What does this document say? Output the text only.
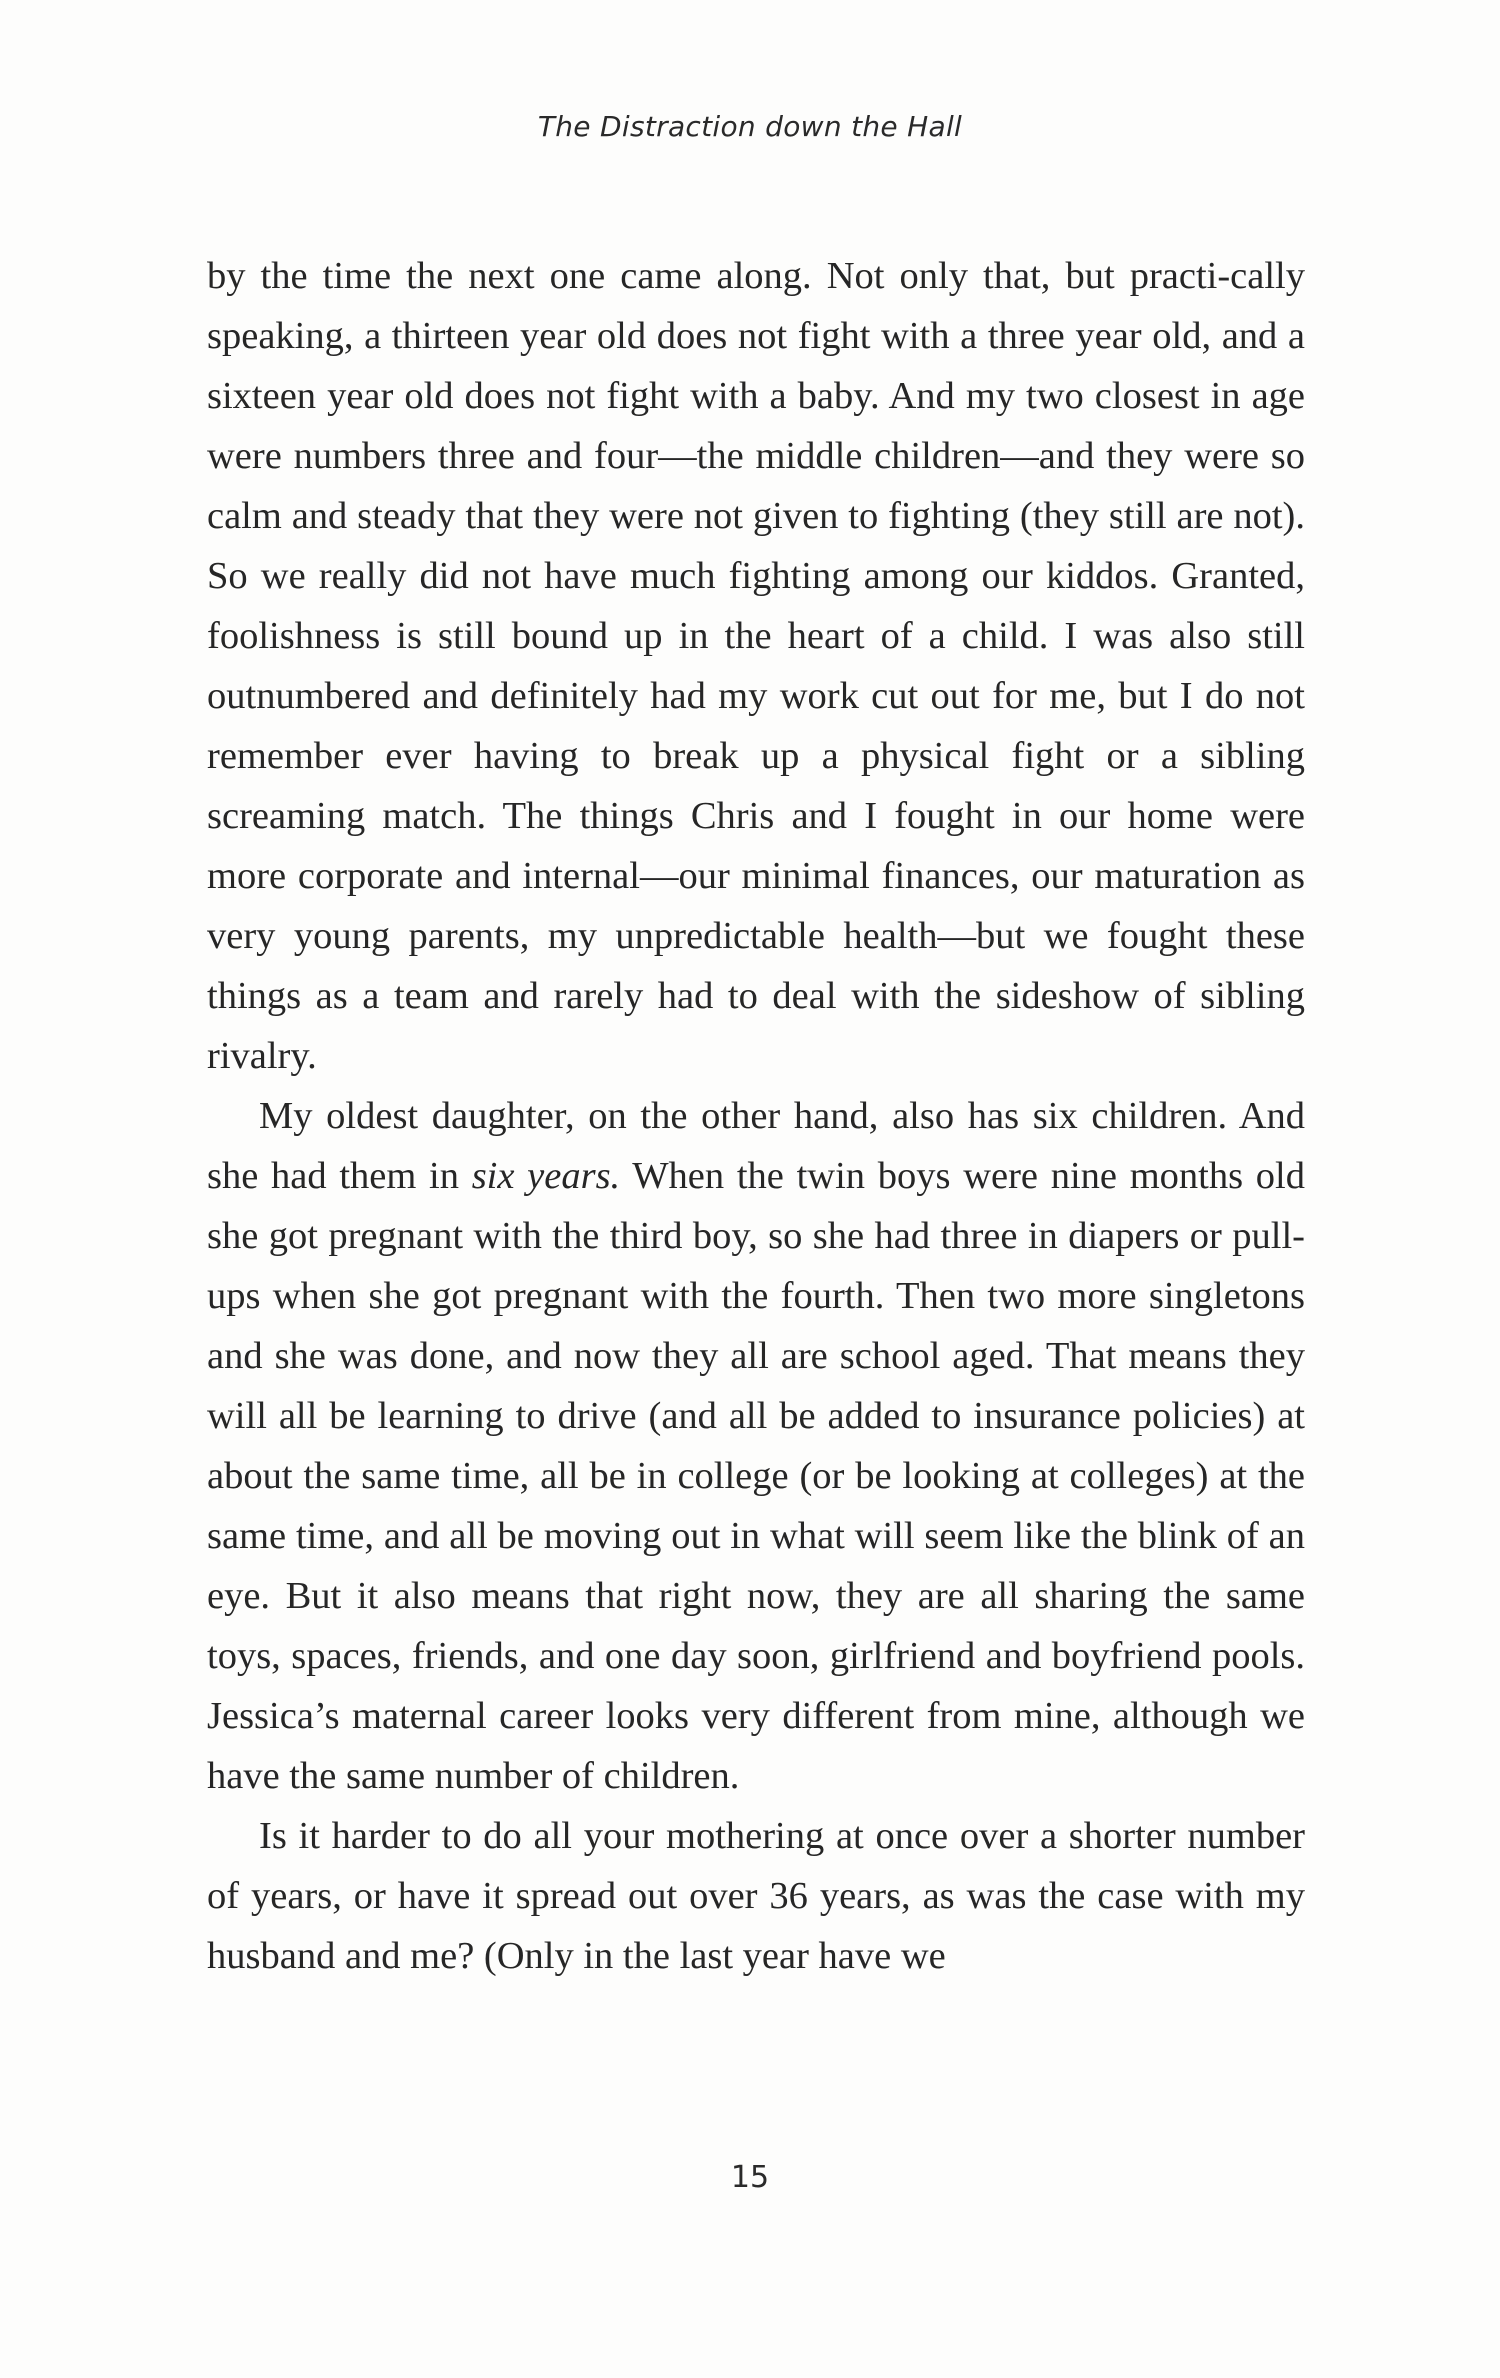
The Distraction down the Hall

by the time the next one came along. Not only that, but practi-cally speaking, a thirteen year old does not fight with a three year old, and a sixteen year old does not fight with a baby. And my two closest in age were numbers three and four—the middle children—and they were so calm and steady that they were not given to fighting (they still are not). So we really did not have much fighting among our kiddos. Granted, foolishness is still bound up in the heart of a child. I was also still outnumbered and definitely had my work cut out for me, but I do not remember ever having to break up a physical fight or a sibling screaming match. The things Chris and I fought in our home were more corporate and internal—our minimal finances, our maturation as very young parents, my unpredictable health—but we fought these things as a team and rarely had to deal with the sideshow of sibling rivalry.

My oldest daughter, on the other hand, also has six children. And she had them in six years. When the twin boys were nine months old she got pregnant with the third boy, so she had three in diapers or pull-ups when she got pregnant with the fourth. Then two more singletons and she was done, and now they all are school aged. That means they will all be learning to drive (and all be added to insurance policies) at about the same time, all be in college (or be looking at colleges) at the same time, and all be moving out in what will seem like the blink of an eye. But it also means that right now, they are all sharing the same toys, spaces, friends, and one day soon, girlfriend and boyfriend pools. Jessica’s maternal career looks very different from mine, although we have the same number of children.

Is it harder to do all your mothering at once over a shorter number of years, or have it spread out over 36 years, as was the case with my husband and me? (Only in the last year have we

15
